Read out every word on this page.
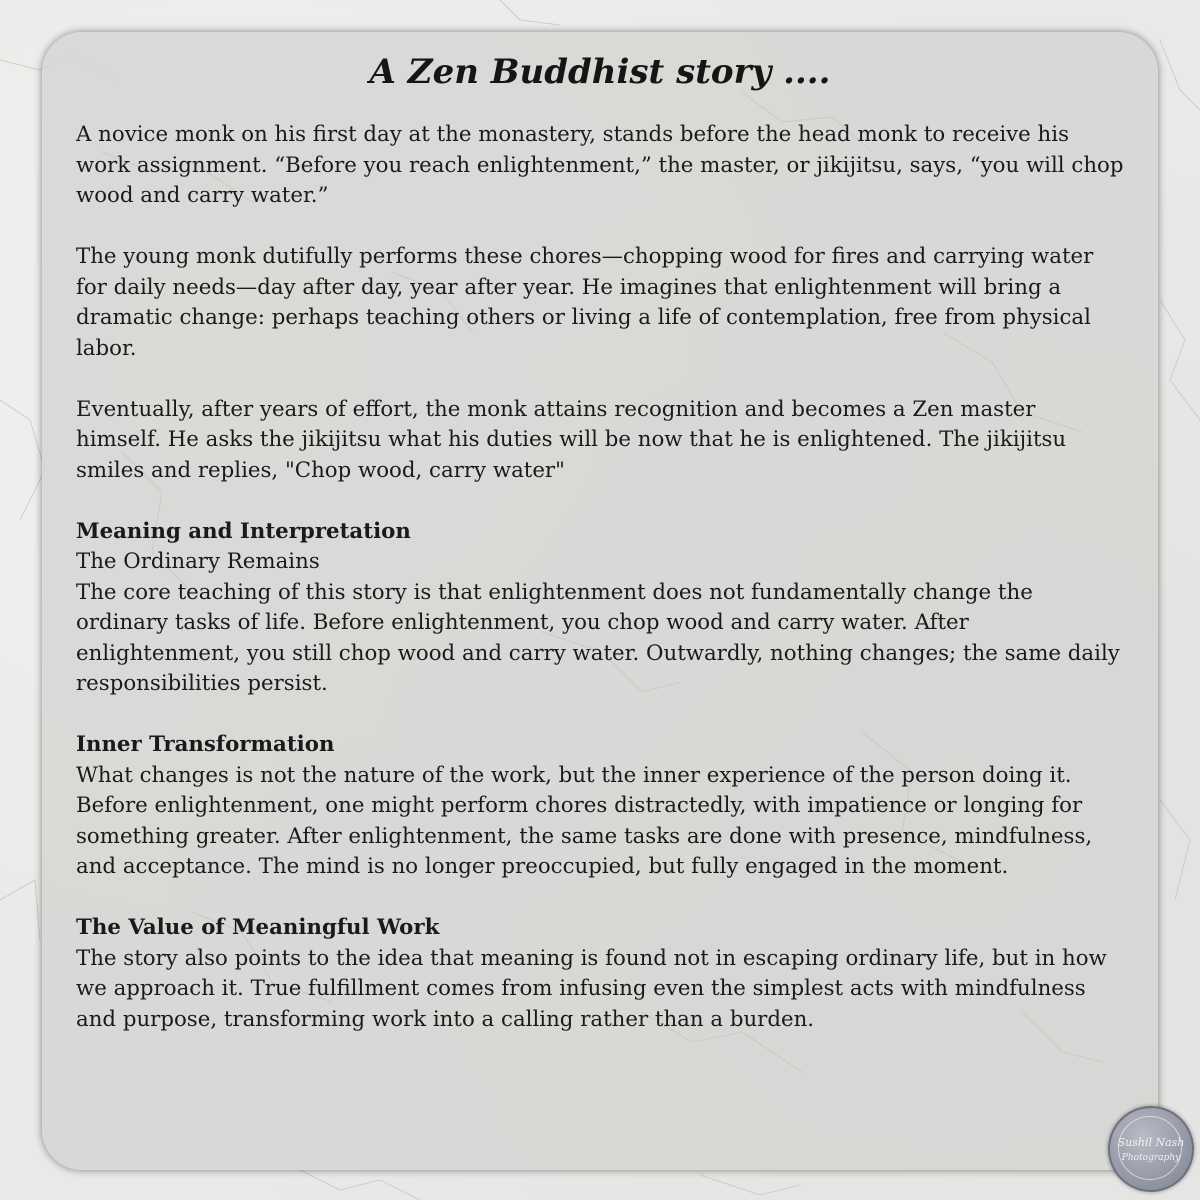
A Zen Buddhist story ....

A novice monk on his first day at the monastery, stands before the head monk to receive his work assignment. “Before you reach enlightenment,” the master, or jikijitsu, says, “you will chop wood and carry water.”

The young monk dutifully performs these chores—chopping wood for fires and carrying water for daily needs—day after day, year after year. He imagines that enlightenment will bring a dramatic change: perhaps teaching others or living a life of contemplation, free from physical labor.

Eventually, after years of effort, the monk attains recognition and becomes a Zen master himself. He asks the jikijitsu what his duties will be now that he is enlightened. The jikijitsu smiles and replies, "Chop wood, carry water"

Meaning and Interpretation
The Ordinary Remains
The core teaching of this story is that enlightenment does not fundamentally change the ordinary tasks of life. Before enlightenment, you chop wood and carry water. After enlightenment, you still chop wood and carry water. Outwardly, nothing changes; the same daily responsibilities persist.

Inner Transformation
What changes is not the nature of the work, but the inner experience of the person doing it. Before enlightenment, one might perform chores distractedly, with impatience or longing for something greater. After enlightenment, the same tasks are done with presence, mindfulness, and acceptance. The mind is no longer preoccupied, but fully engaged in the moment.

The Value of Meaningful Work
The story also points to the idea that meaning is found not in escaping ordinary life, but in how we approach it. True fulfillment comes from infusing even the simplest acts with mindfulness and purpose, transforming work into a calling rather than a burden.

Sushil Nash
Photography
